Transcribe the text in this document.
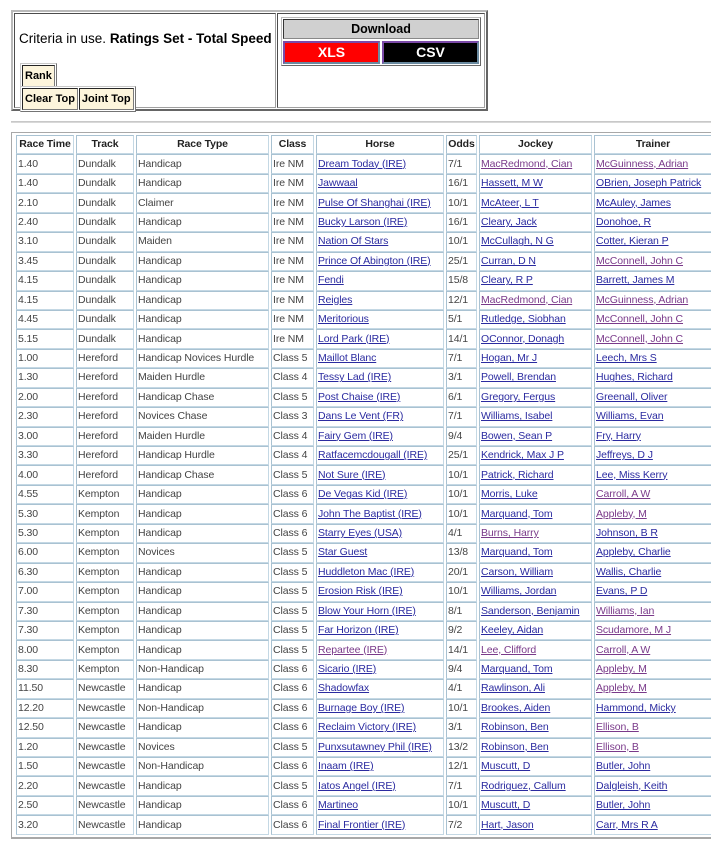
Criteria in use. Ratings Set - Total Speed
Rank
Clear Top Joint Top
Download
XLS	CSV
Race Time	Track	Race Type	Class	Horse	Odds	Jockey	Trainer
1.40	Dundalk	Handicap	Ire NM	Dream Today (IRE)	7/1	MacRedmond, Cian	McGuinness, Adrian
1.40	Dundalk	Handicap	Ire NM	Jawwaal	16/1	Hassett, M W	OBrien, Joseph Patrick
2.10	Dundalk	Claimer	Ire NM	Pulse Of Shanghai (IRE)	10/1	McAteer, L T	McAuley, James
2.40	Dundalk	Handicap	Ire NM	Bucky Larson (IRE)	16/1	Cleary, Jack	Donohoe, R
3.10	Dundalk	Maiden	Ire NM	Nation Of Stars	10/1	McCullagh, N G	Cotter, Kieran P
3.45	Dundalk	Handicap	Ire NM	Prince Of Abington (IRE)	25/1	Curran, D N	McConnell, John C
4.15	Dundalk	Handicap	Ire NM	Fendi	15/8	Cleary, R P	Barrett, James M
4.15	Dundalk	Handicap	Ire NM	Reigles	12/1	MacRedmond, Cian	McGuinness, Adrian
4.45	Dundalk	Handicap	Ire NM	Meritorious	5/1	Rutledge, Siobhan	McConnell, John C
5.15	Dundalk	Handicap	Ire NM	Lord Park (IRE)	14/1	OConnor, Donagh	McConnell, John C
1.00	Hereford	Handicap Novices Hurdle	Class 5	Maillot Blanc	7/1	Hogan, Mr J	Leech, Mrs S
1.30	Hereford	Maiden Hurdle	Class 4	Tessy Lad (IRE)	3/1	Powell, Brendan	Hughes, Richard
2.00	Hereford	Handicap Chase	Class 5	Post Chaise (IRE)	6/1	Gregory, Fergus	Greenall, Oliver
2.30	Hereford	Novices Chase	Class 3	Dans Le Vent (FR)	7/1	Williams, Isabel	Williams, Evan
3.00	Hereford	Maiden Hurdle	Class 4	Fairy Gem (IRE)	9/4	Bowen, Sean P	Fry, Harry
3.30	Hereford	Handicap Hurdle	Class 4	Ratfacemcdougall (IRE)	25/1	Kendrick, Max J P	Jeffreys, D J
4.00	Hereford	Handicap Chase	Class 5	Not Sure (IRE)	10/1	Patrick, Richard	Lee, Miss Kerry
4.55	Kempton	Handicap	Class 6	De Vegas Kid (IRE)	10/1	Morris, Luke	Carroll, A W
5.30	Kempton	Handicap	Class 6	John The Baptist (IRE)	10/1	Marquand, Tom	Appleby, M
5.30	Kempton	Handicap	Class 6	Starry Eyes (USA)	4/1	Burns, Harry	Johnson, B R
6.00	Kempton	Novices	Class 5	Star Guest	13/8	Marquand, Tom	Appleby, Charlie
6.30	Kempton	Handicap	Class 5	Huddleton Mac (IRE)	20/1	Carson, William	Wallis, Charlie
7.00	Kempton	Handicap	Class 5	Erosion Risk (IRE)	10/1	Williams, Jordan	Evans, P D
7.30	Kempton	Handicap	Class 5	Blow Your Horn (IRE)	8/1	Sanderson, Benjamin	Williams, Ian
7.30	Kempton	Handicap	Class 5	Far Horizon (IRE)	9/2	Keeley, Aidan	Scudamore, M J
8.00	Kempton	Handicap	Class 5	Repartee (IRE)	14/1	Lee, Clifford	Carroll, A W
8.30	Kempton	Non-Handicap	Class 6	Sicario (IRE)	9/4	Marquand, Tom	Appleby, M
11.50	Newcastle	Handicap	Class 6	Shadowfax	4/1	Rawlinson, Ali	Appleby, M
12.20	Newcastle	Non-Handicap	Class 6	Burnage Boy (IRE)	10/1	Brookes, Aiden	Hammond, Micky
12.50	Newcastle	Handicap	Class 6	Reclaim Victory (IRE)	3/1	Robinson, Ben	Ellison, B
1.20	Newcastle	Novices	Class 5	Punxsutawney Phil (IRE)	13/2	Robinson, Ben	Ellison, B
1.50	Newcastle	Non-Handicap	Class 6	Inaam (IRE)	12/1	Muscutt, D	Butler, John
2.20	Newcastle	Handicap	Class 5	Iatos Angel (IRE)	7/1	Rodriguez, Callum	Dalgleish, Keith
2.50	Newcastle	Handicap	Class 6	Martineo	10/1	Muscutt, D	Butler, John
3.20	Newcastle	Handicap	Class 6	Final Frontier (IRE)	7/2	Hart, Jason	Carr, Mrs R A
